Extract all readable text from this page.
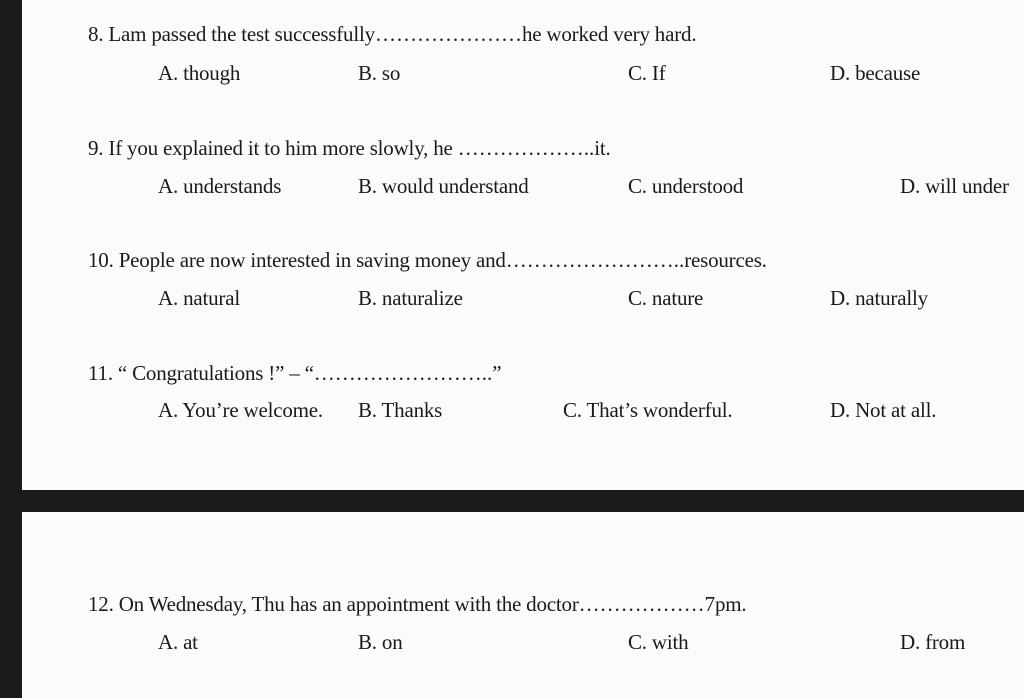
8. Lam passed the test successfully…………………he worked very hard.
A. though	B. so	C. If	D. because
9. If you explained it to him more slowly, he ………………..it.
A. understands	B. would understand	C. understood	D. will under
10. People are now interested in saving money and……………………..resources.
A. natural	B. naturalize	C. nature	D. naturally
11. “ Congratulations !” – “……………………..”
A. You’re welcome. B. Thanks	C. That’s wonderful.	D. Not at all.
12. On Wednesday, Thu has an appointment with the doctor………………7pm.
A. at	B. on	C. with	D. from
